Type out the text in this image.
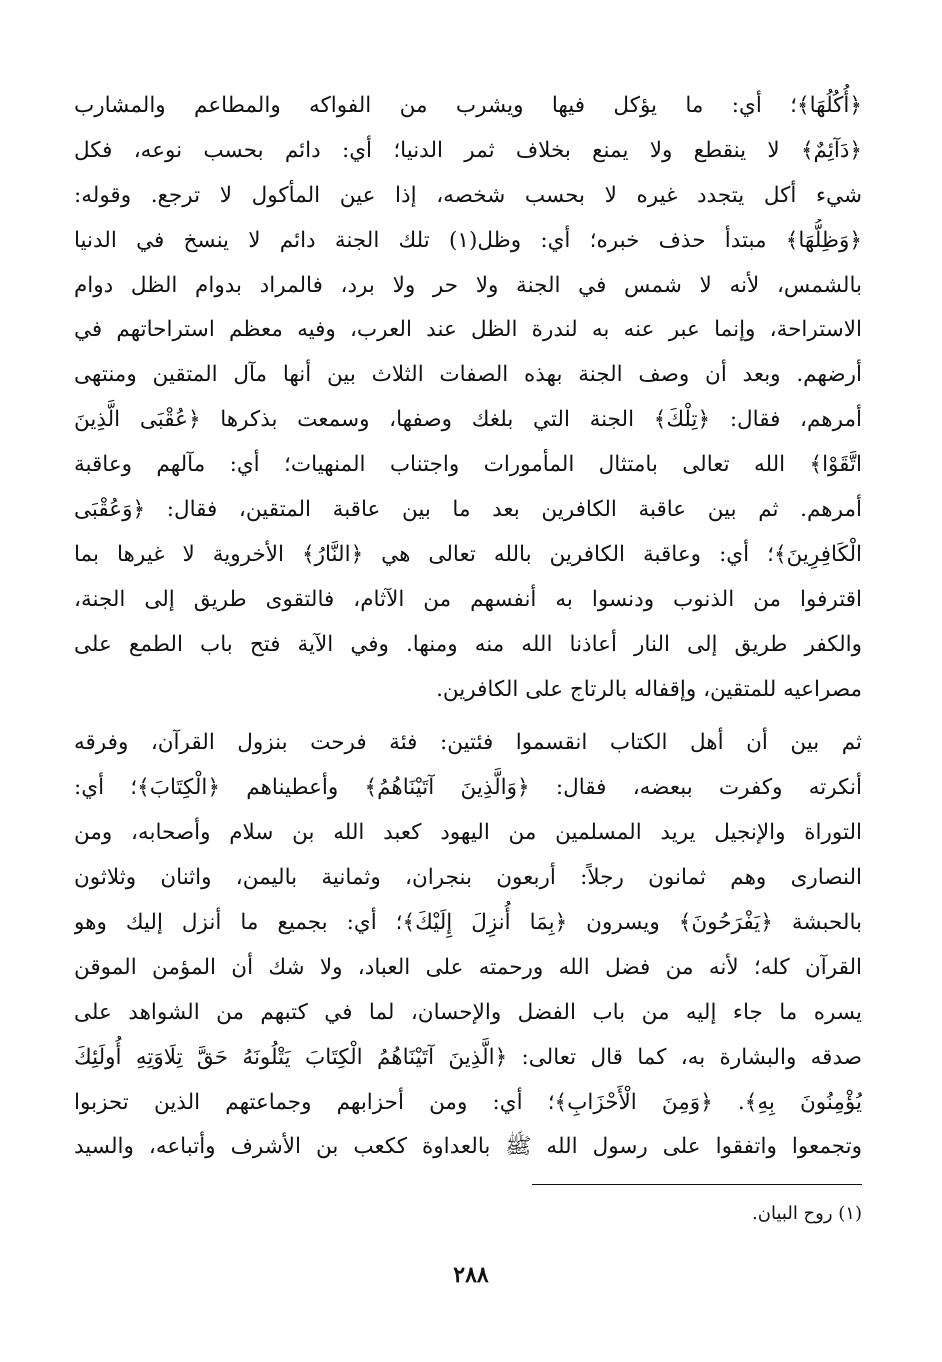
﴿أُكُلُهَا﴾؛ أي: ما يؤكل فيها ويشرب من الفواكه والمطاعم والمشارب
﴿دَآئِمٌ﴾ لا ينقطع ولا يمنع بخلاف ثمر الدنيا؛ أي: دائم بحسب نوعه، فكل
شيء أكل يتجدد غيره لا بحسب شخصه، إذا عين المأكول لا ترجع. وقوله:
﴿وَظِلُّهَا﴾ مبتدأ حذف خبره؛ أي: وظل(١) تلك الجنة دائم لا ينسخ في الدنيا
بالشمس، لأنه لا شمس في الجنة ولا حر ولا برد، فالمراد بدوام الظل دوام
الاستراحة، وإنما عبر عنه به لندرة الظل عند العرب، وفيه معظم استراحاتهم في
أرضهم. وبعد أن وصف الجنة بهذه الصفات الثلاث بين أنها مآل المتقين ومنتهى
أمرهم، فقال: ﴿تِلْكَ﴾ الجنة التي بلغك وصفها، وسمعت بذكرها ﴿عُقْبَى الَّذِينَ
اتَّقَوْا﴾ الله تعالى بامتثال المأمورات واجتناب المنهيات؛ أي: مآلهم وعاقبة
أمرهم. ثم بين عاقبة الكافرين بعد ما بين عاقبة المتقين، فقال: ﴿وَعُقْبَى
الْكَافِرِينَ﴾؛ أي: وعاقبة الكافرين بالله تعالى هي ﴿النَّارُ﴾ الأخروية لا غيرها بما
اقترفوا من الذنوب ودنسوا به أنفسهم من الآثام، فالتقوى طريق إلى الجنة،
والكفر طريق إلى النار أعاذنا الله منه ومنها. وفي الآية فتح باب الطمع على
مصراعيه للمتقين، وإقفاله بالرتاج على الكافرين.
ثم بين أن أهل الكتاب انقسموا فئتين: فئة فرحت بنزول القرآن، وفرقه
أنكرته وكفرت ببعضه، فقال: ﴿وَالَّذِينَ آتَيْنَاهُمُ﴾ وأعطيناهم ﴿الْكِتَابَ﴾؛ أي:
التوراة والإنجيل يريد المسلمين من اليهود كعبد الله بن سلام وأصحابه، ومن
النصارى وهم ثمانون رجلاً: أربعون بنجران، وثمانية باليمن، واثنان وثلاثون
بالحبشة ﴿يَفْرَحُونَ﴾ ويسرون ﴿بِمَا أُنزِلَ إِلَيْكَ﴾؛ أي: بجميع ما أنزل إليك وهو
القرآن كله؛ لأنه من فضل الله ورحمته على العباد، ولا شك أن المؤمن الموقن
يسره ما جاء إليه من باب الفضل والإحسان، لما في كتبهم من الشواهد على
صدقه والبشارة به، كما قال تعالى: ﴿الَّذِينَ آتَيْنَاهُمُ الْكِتَابَ يَتْلُونَهُ حَقَّ تِلَاوَتِهِ أُولَئِكَ
يُؤْمِنُونَ بِهِ﴾. ﴿وَمِنَ الْأَحْزَابِ﴾؛ أي: ومن أحزابهم وجماعتهم الذين تحزبوا
وتجمعوا واتفقوا على رسول الله ﷺ بالعداوة ككعب بن الأشرف وأتباعه، والسيد
(١) روح البيان.
٢٨٨
